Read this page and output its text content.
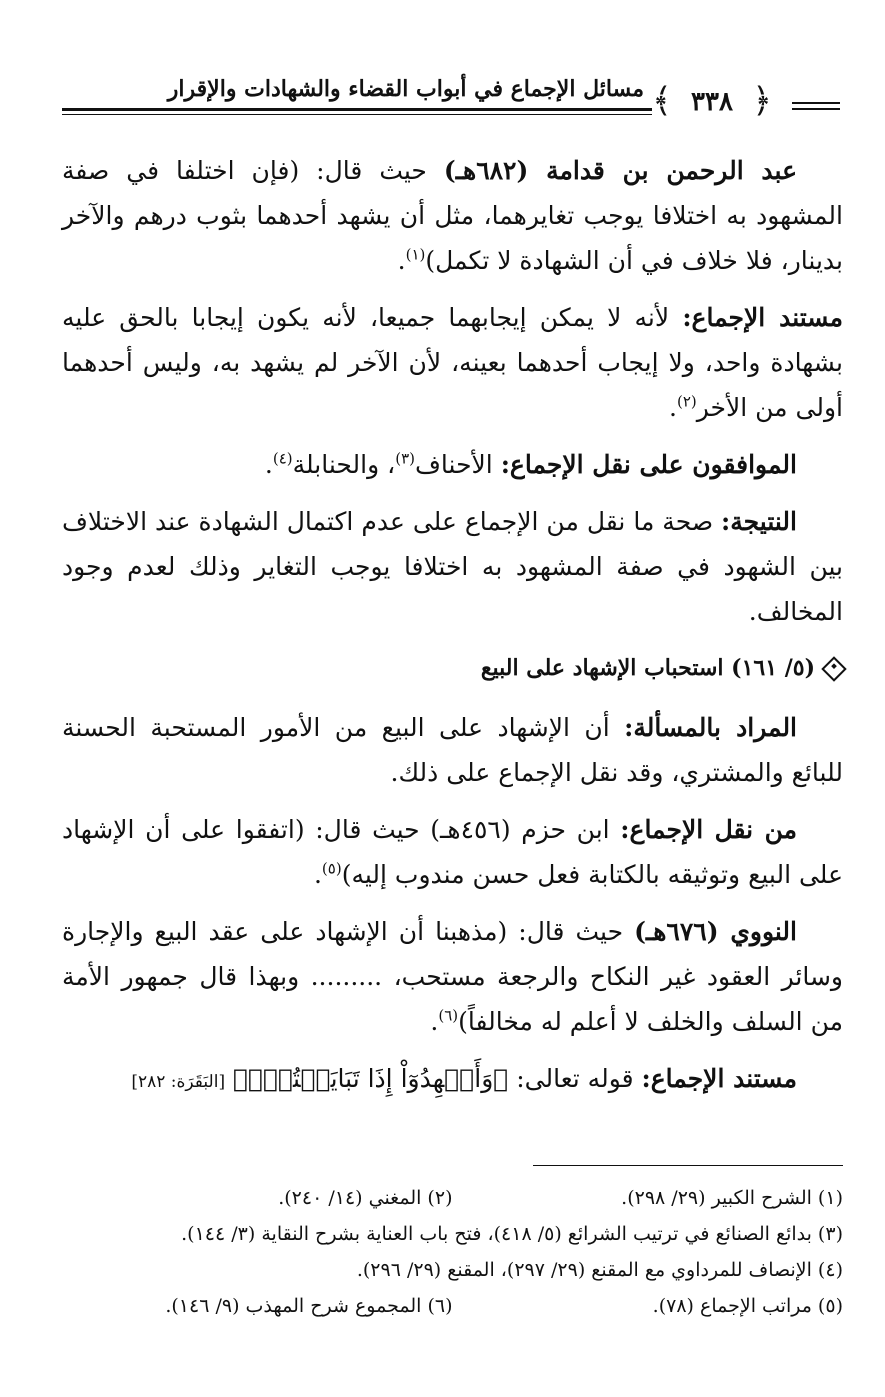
﴿
٣٣٨
﴾
مسائل الإجماع في أبواب القضاء والشهادات والإقرار

عبد الرحمن بن قدامة (٦٨٢هـ) حيث قال: (فإن اختلفا في صفة المشهود به اختلافا يوجب تغايرهما، مثل أن يشهد أحدهما بثوب درهم والآخر بدينار، فلا خلاف في أن الشهادة لا تكمل)$^{(١)}$.

مستند الإجماع: لأنه لا يمكن إيجابهما جميعا، لأنه يكون إيجابا بالحق عليه بشهادة واحد، ولا إيجاب أحدهما بعينه، لأن الآخر لم يشهد به، وليس أحدهما أولى من الأخر$^{(٢)}$.

الموافقون على نقل الإجماع: الأحناف$^{(٣)}$، والحنابلة$^{(٤)}$.

النتيجة: صحة ما نقل من الإجماع على عدم اكتمال الشهادة عند الاختلاف بين الشهود في صفة المشهود به اختلافا يوجب التغاير وذلك لعدم وجود المخالف.

(٥/ ١٦١) استحباب الإشهاد على البيع

المراد بالمسألة: أن الإشهاد على البيع من الأمور المستحبة الحسنة للبائع والمشتري، وقد نقل الإجماع على ذلك.

من نقل الإجماع: ابن حزم (٤٥٦هـ) حيث قال: (اتفقوا على أن الإشهاد على البيع وتوثيقه بالكتابة فعل حسن مندوب إليه)$^{(٥)}$.

النووي (٦٧٦هـ) حيث قال: (مذهبنا أن الإشهاد على عقد البيع والإجارة وسائر العقود غير النكاح والرجعة مستحب، ......... وبهذا قال جمهور الأمة من السلف والخلف لا أعلم له مخالفاً)$^{(٦)}$.

مستند الإجماع: قوله تعالى: ﴿وَأَشۡهِدُوٓاْ إِذَا تَبَايَعۡتُمۡۚ﴾ [البَقَرَة: ٢٨٢]

(١) الشرح الكبير (٢٩/ ٢٩٨).
(٢) المغني (١٤/ ٢٤٠).
(٣) بدائع الصنائع في ترتيب الشرائع (٥/ ٤١٨)، فتح باب العناية بشرح النقاية (٣/ ١٤٤).
(٤) الإنصاف للمرداوي مع المقنع (٢٩/ ٢٩٧)، المقنع (٢٩/ ٢٩٦).
(٥) مراتب الإجماع (٧٨).
(٦) المجموع شرح المهذب (٩/ ١٤٦).
